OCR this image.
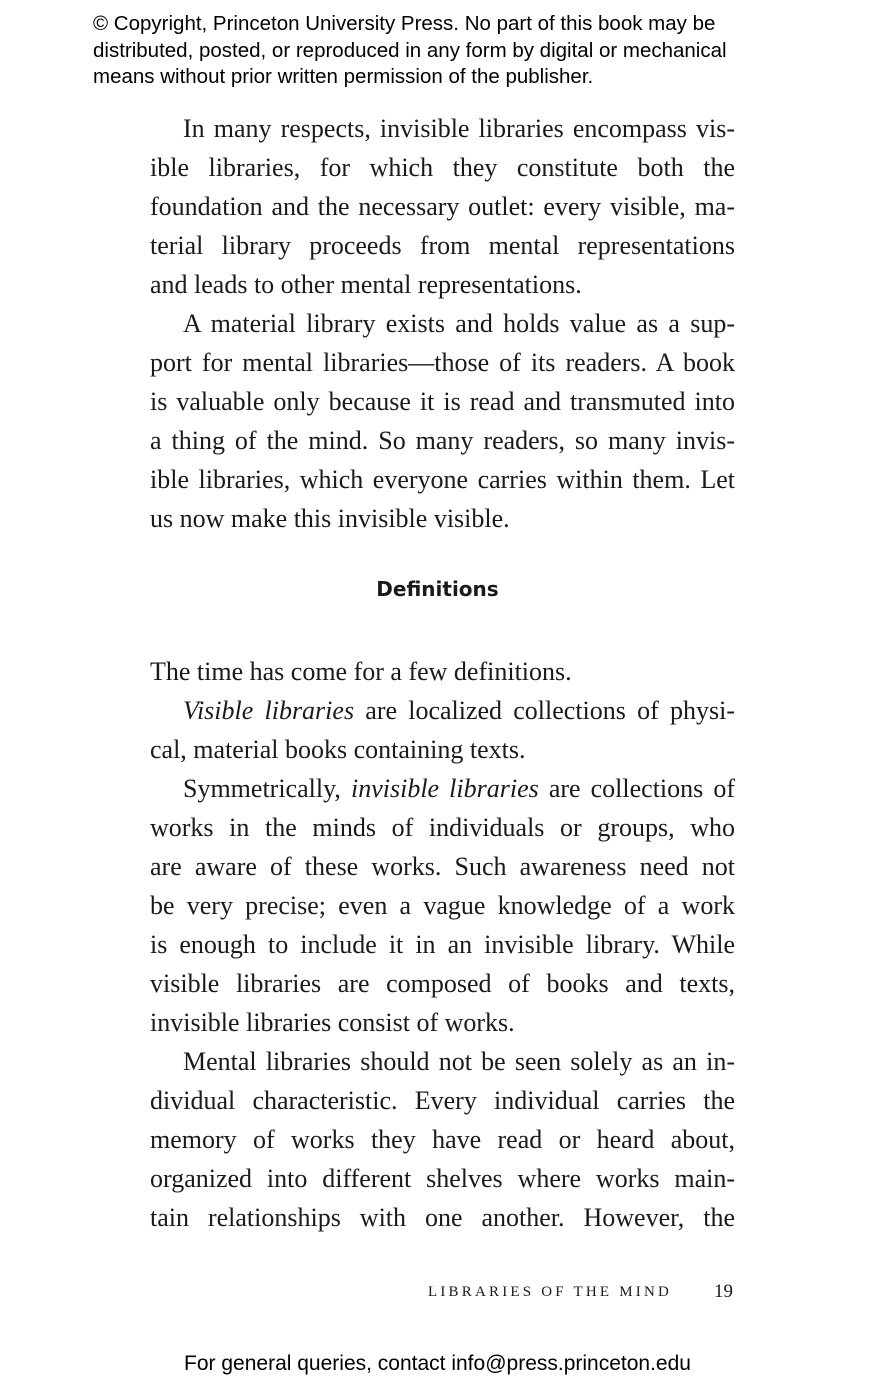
© Copyright, Princeton University Press. No part of this book may be
distributed, posted, or reproduced in any form by digital or mechanical
means without prior written permission of the publisher.
In many respects, invisible libraries encompass vis-
ible libraries, for which they constitute both the
foundation and the necessary outlet: every visible, ma-
terial library proceeds from mental representations
and leads to other mental representations.
A material library exists and holds value as a sup-
port for mental libraries—those of its readers. A book
is valuable only because it is read and transmuted into
a thing of the mind. So many readers, so many invis-
ible libraries, which everyone carries within them. Let
us now make this invisible visible.
Definitions
The time has come for a few definitions.
Visible libraries are localized collections of physi-
cal, material books containing texts.
Symmetrically, invisible libraries are collections of
works in the minds of individuals or groups, who
are aware of these works. Such awareness need not
be very precise; even a vague knowledge of a work
is enough to include it in an invisible library. While
visible libraries are composed of books and texts,
invisible libraries consist of works.
Mental libraries should not be seen solely as an in-
dividual characteristic. Every individual carries the
memory of works they have read or heard about,
organized into different shelves where works main-
tain relationships with one another. However, the
LIBRARIES OF THE MIND 19
For general queries, contact info@press.princeton.edu
